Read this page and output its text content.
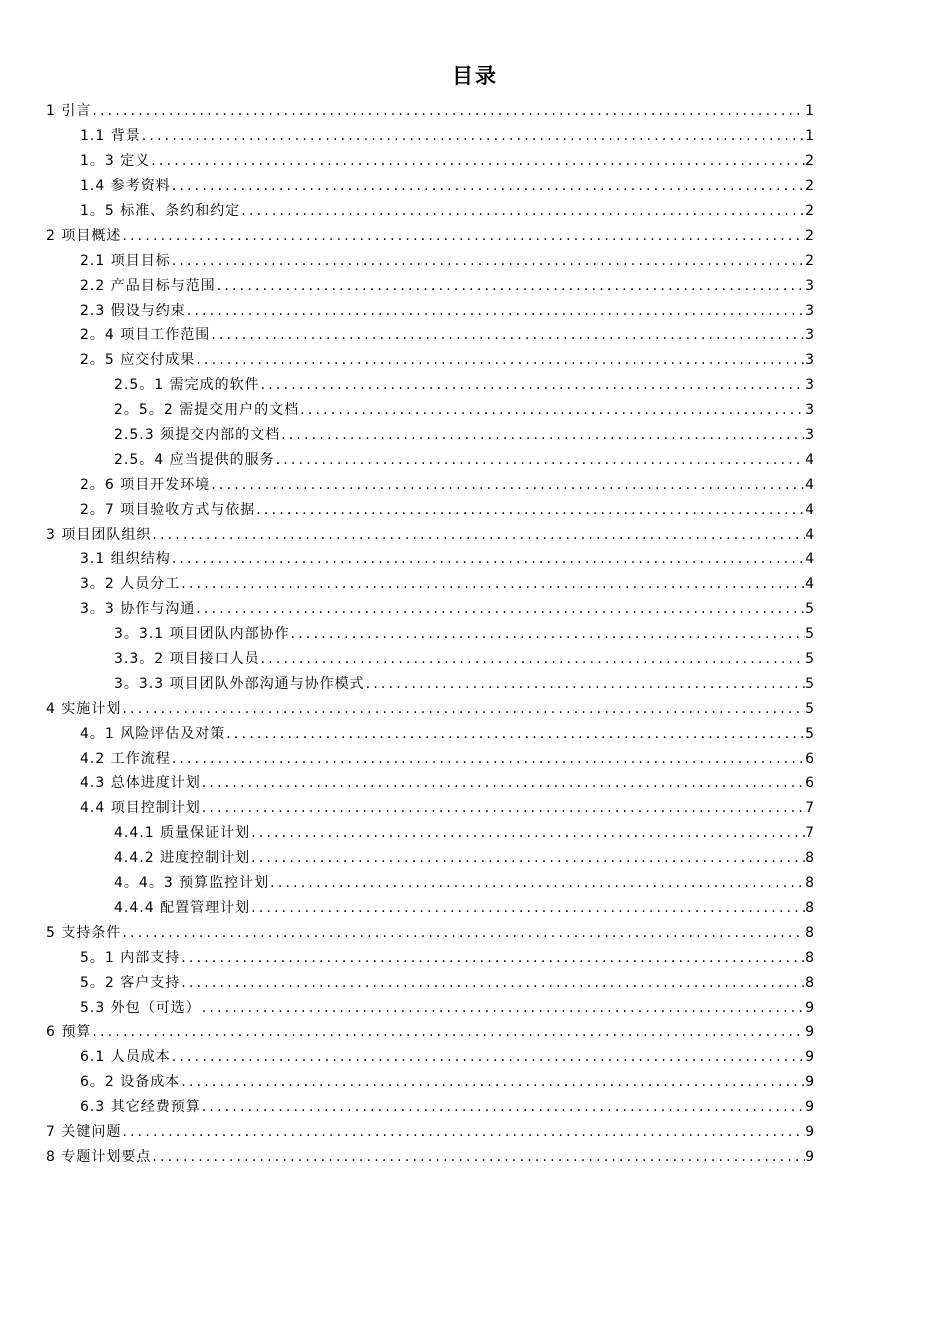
目录
1 引言 .....	1
1.1 背景 .....	1
1。3 定义 .....	2
1.4 参考资料 .....	2
1。5 标准、条约和约定 .....	2
2 项目概述 .....	2
2.1 项目目标 .....	2
2.2 产品目标与范围 .....	3
2.3 假设与约束 .....	3
2。4 项目工作范围 .....	3
2。5 应交付成果 .....	3
2.5。1 需完成的软件 .....	3
2。5。2 需提交用户的文档 .....	3
2.5.3 须提交内部的文档 .....	3
2.5。4 应当提供的服务 .....	4
2。6 项目开发环境 .....	4
2。7 项目验收方式与依据 .....	4
3 项目团队组织 .....	4
3.1 组织结构 .....	4
3。2 人员分工 .....	4
3。3 协作与沟通 .....	5
3。3.1 项目团队内部协作 .....	5
3.3。2 项目接口人员 .....	5
3。3.3 项目团队外部沟通与协作模式 .....	5
4 实施计划 .....	5
4。1 风险评估及对策 .....	5
4.2 工作流程 .....	6
4.3 总体进度计划 .....	6
4.4 项目控制计划 .....	7
4.4.1 质量保证计划 .....	7
4.4.2 进度控制计划 .....	8
4。4。3 预算监控计划 .....	8
4.4.4 配置管理计划 .....	8
5 支持条件 .....	8
5。1 内部支持 .....	8
5。2 客户支持 .....	8
5.3 外包（可选） .....	9
6 预算 .....	9
6.1 人员成本 .....	9
6。2 设备成本 .....	9
6.3 其它经费预算 .....	9
7 关键问题 .....	9
8 专题计划要点 .....	9
